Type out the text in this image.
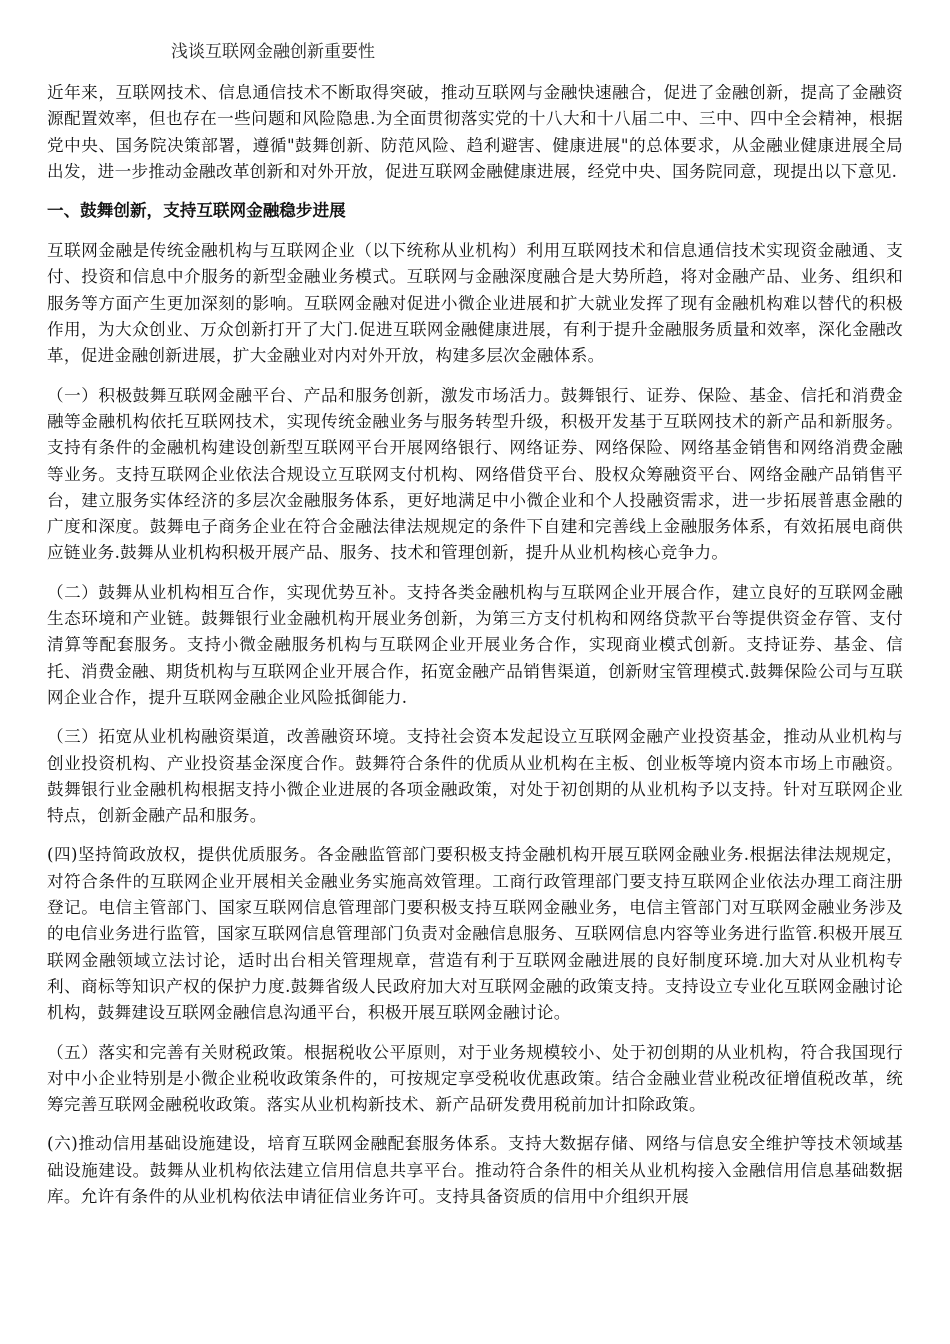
浅谈互联网金融创新重要性

近年来，互联网技术、信息通信技术不断取得突破，推动互联网与金融快速融合，促进了金融创新，提高了金融资源配置效率，但也存在一些问题和风险隐患.为全面贯彻落实党的十八大和十八届二中、三中、四中全会精神，根据党中央、国务院决策部署，遵循"鼓舞创新、防范风险、趋利避害、健康进展"的总体要求，从金融业健康进展全局出发，进一步推动金融改革创新和对外开放，促进互联网金融健康进展，经党中央、国务院同意，现提出以下意见.

一、鼓舞创新，支持互联网金融稳步进展

互联网金融是传统金融机构与互联网企业（以下统称从业机构）利用互联网技术和信息通信技术实现资金融通、支付、投资和信息中介服务的新型金融业务模式。互联网与金融深度融合是大势所趋，将对金融产品、业务、组织和服务等方面产生更加深刻的影响。互联网金融对促进小微企业进展和扩大就业发挥了现有金融机构难以替代的积极作用，为大众创业、万众创新打开了大门.促进互联网金融健康进展，有利于提升金融服务质量和效率，深化金融改革，促进金融创新进展，扩大金融业对内对外开放，构建多层次金融体系。

（一）积极鼓舞互联网金融平台、产品和服务创新，激发市场活力。鼓舞银行、证券、保险、基金、信托和消费金融等金融机构依托互联网技术，实现传统金融业务与服务转型升级，积极开发基于互联网技术的新产品和新服务。支持有条件的金融机构建设创新型互联网平台开展网络银行、网络证券、网络保险、网络基金销售和网络消费金融等业务。支持互联网企业依法合规设立互联网支付机构、网络借贷平台、股权众筹融资平台、网络金融产品销售平台，建立服务实体经济的多层次金融服务体系，更好地满足中小微企业和个人投融资需求，进一步拓展普惠金融的广度和深度。鼓舞电子商务企业在符合金融法律法规规定的条件下自建和完善线上金融服务体系，有效拓展电商供应链业务.鼓舞从业机构积极开展产品、服务、技术和管理创新，提升从业机构核心竞争力。

（二）鼓舞从业机构相互合作，实现优势互补。支持各类金融机构与互联网企业开展合作，建立良好的互联网金融生态环境和产业链。鼓舞银行业金融机构开展业务创新，为第三方支付机构和网络贷款平台等提供资金存管、支付清算等配套服务。支持小微金融服务机构与互联网企业开展业务合作，实现商业模式创新。支持证券、基金、信托、消费金融、期货机构与互联网企业开展合作，拓宽金融产品销售渠道，创新财宝管理模式.鼓舞保险公司与互联网企业合作，提升互联网金融企业风险抵御能力.

（三）拓宽从业机构融资渠道，改善融资环境。支持社会资本发起设立互联网金融产业投资基金，推动从业机构与创业投资机构、产业投资基金深度合作。鼓舞符合条件的优质从业机构在主板、创业板等境内资本市场上市融资。鼓舞银行业金融机构根据支持小微企业进展的各项金融政策，对处于初创期的从业机构予以支持。针对互联网企业特点，创新金融产品和服务。

(四)坚持简政放权，提供优质服务。各金融监管部门要积极支持金融机构开展互联网金融业务.根据法律法规规定，对符合条件的互联网企业开展相关金融业务实施高效管理。工商行政管理部门要支持互联网企业依法办理工商注册登记。电信主管部门、国家互联网信息管理部门要积极支持互联网金融业务，电信主管部门对互联网金融业务涉及的电信业务进行监管，国家互联网信息管理部门负责对金融信息服务、互联网信息内容等业务进行监管.积极开展互联网金融领域立法讨论，适时出台相关管理规章，营造有利于互联网金融进展的良好制度环境.加大对从业机构专利、商标等知识产权的保护力度.鼓舞省级人民政府加大对互联网金融的政策支持。支持设立专业化互联网金融讨论机构，鼓舞建设互联网金融信息沟通平台，积极开展互联网金融讨论。

（五）落实和完善有关财税政策。根据税收公平原则，对于业务规模较小、处于初创期的从业机构，符合我国现行对中小企业特别是小微企业税收政策条件的，可按规定享受税收优惠政策。结合金融业营业税改征增值税改革，统筹完善互联网金融税收政策。落实从业机构新技术、新产品研发费用税前加计扣除政策。

(六)推动信用基础设施建设，培育互联网金融配套服务体系。支持大数据存储、网络与信息安全维护等技术领域基础设施建设。鼓舞从业机构依法建立信用信息共享平台。推动符合条件的相关从业机构接入金融信用信息基础数据库。允许有条件的从业机构依法申请征信业务许可。支持具备资质的信用中介组织开展
